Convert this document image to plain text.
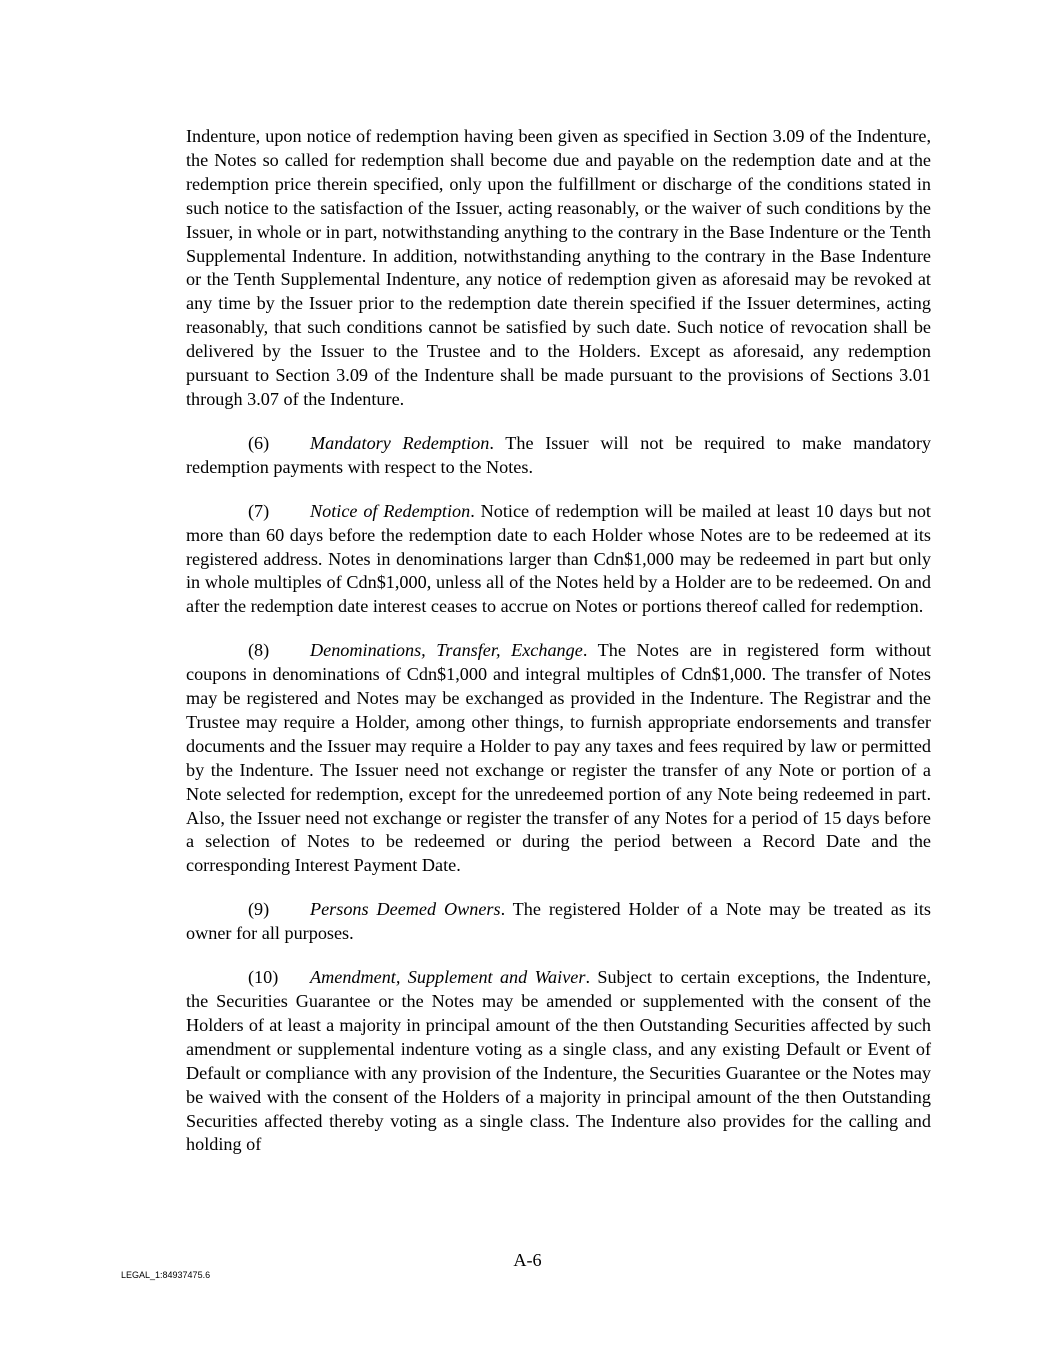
Indenture, upon notice of redemption having been given as specified in Section 3.09 of the Indenture, the Notes so called for redemption shall become due and payable on the redemption date and at the redemption price therein specified, only upon the fulfillment or discharge of the conditions stated in such notice to the satisfaction of the Issuer, acting reasonably, or the waiver of such conditions by the Issuer, in whole or in part, notwithstanding anything to the contrary in the Base Indenture or the Tenth Supplemental Indenture. In addition, notwithstanding anything to the contrary in the Base Indenture or the Tenth Supplemental Indenture, any notice of redemption given as aforesaid may be revoked at any time by the Issuer prior to the redemption date therein specified if the Issuer determines, acting reasonably, that such conditions cannot be satisfied by such date. Such notice of revocation shall be delivered by the Issuer to the Trustee and to the Holders. Except as aforesaid, any redemption pursuant to Section 3.09 of the Indenture shall be made pursuant to the provisions of Sections 3.01 through 3.07 of the Indenture.

(6) Mandatory Redemption. The Issuer will not be required to make mandatory redemption payments with respect to the Notes.

(7) Notice of Redemption. Notice of redemption will be mailed at least 10 days but not more than 60 days before the redemption date to each Holder whose Notes are to be redeemed at its registered address. Notes in denominations larger than Cdn$1,000 may be redeemed in part but only in whole multiples of Cdn$1,000, unless all of the Notes held by a Holder are to be redeemed. On and after the redemption date interest ceases to accrue on Notes or portions thereof called for redemption.

(8) Denominations, Transfer, Exchange. The Notes are in registered form without coupons in denominations of Cdn$1,000 and integral multiples of Cdn$1,000. The transfer of Notes may be registered and Notes may be exchanged as provided in the Indenture. The Registrar and the Trustee may require a Holder, among other things, to furnish appropriate endorsements and transfer documents and the Issuer may require a Holder to pay any taxes and fees required by law or permitted by the Indenture. The Issuer need not exchange or register the transfer of any Note or portion of a Note selected for redemption, except for the unredeemed portion of any Note being redeemed in part. Also, the Issuer need not exchange or register the transfer of any Notes for a period of 15 days before a selection of Notes to be redeemed or during the period between a Record Date and the corresponding Interest Payment Date.

(9) Persons Deemed Owners. The registered Holder of a Note may be treated as its owner for all purposes.

(10) Amendment, Supplement and Waiver. Subject to certain exceptions, the Indenture, the Securities Guarantee or the Notes may be amended or supplemented with the consent of the Holders of at least a majority in principal amount of the then Outstanding Securities affected by such amendment or supplemental indenture voting as a single class, and any existing Default or Event of Default or compliance with any provision of the Indenture, the Securities Guarantee or the Notes may be waived with the consent of the Holders of a majority in principal amount of the then Outstanding Securities affected thereby voting as a single class. The Indenture also provides for the calling and holding of

A-6
LEGAL_1:84937475.6
